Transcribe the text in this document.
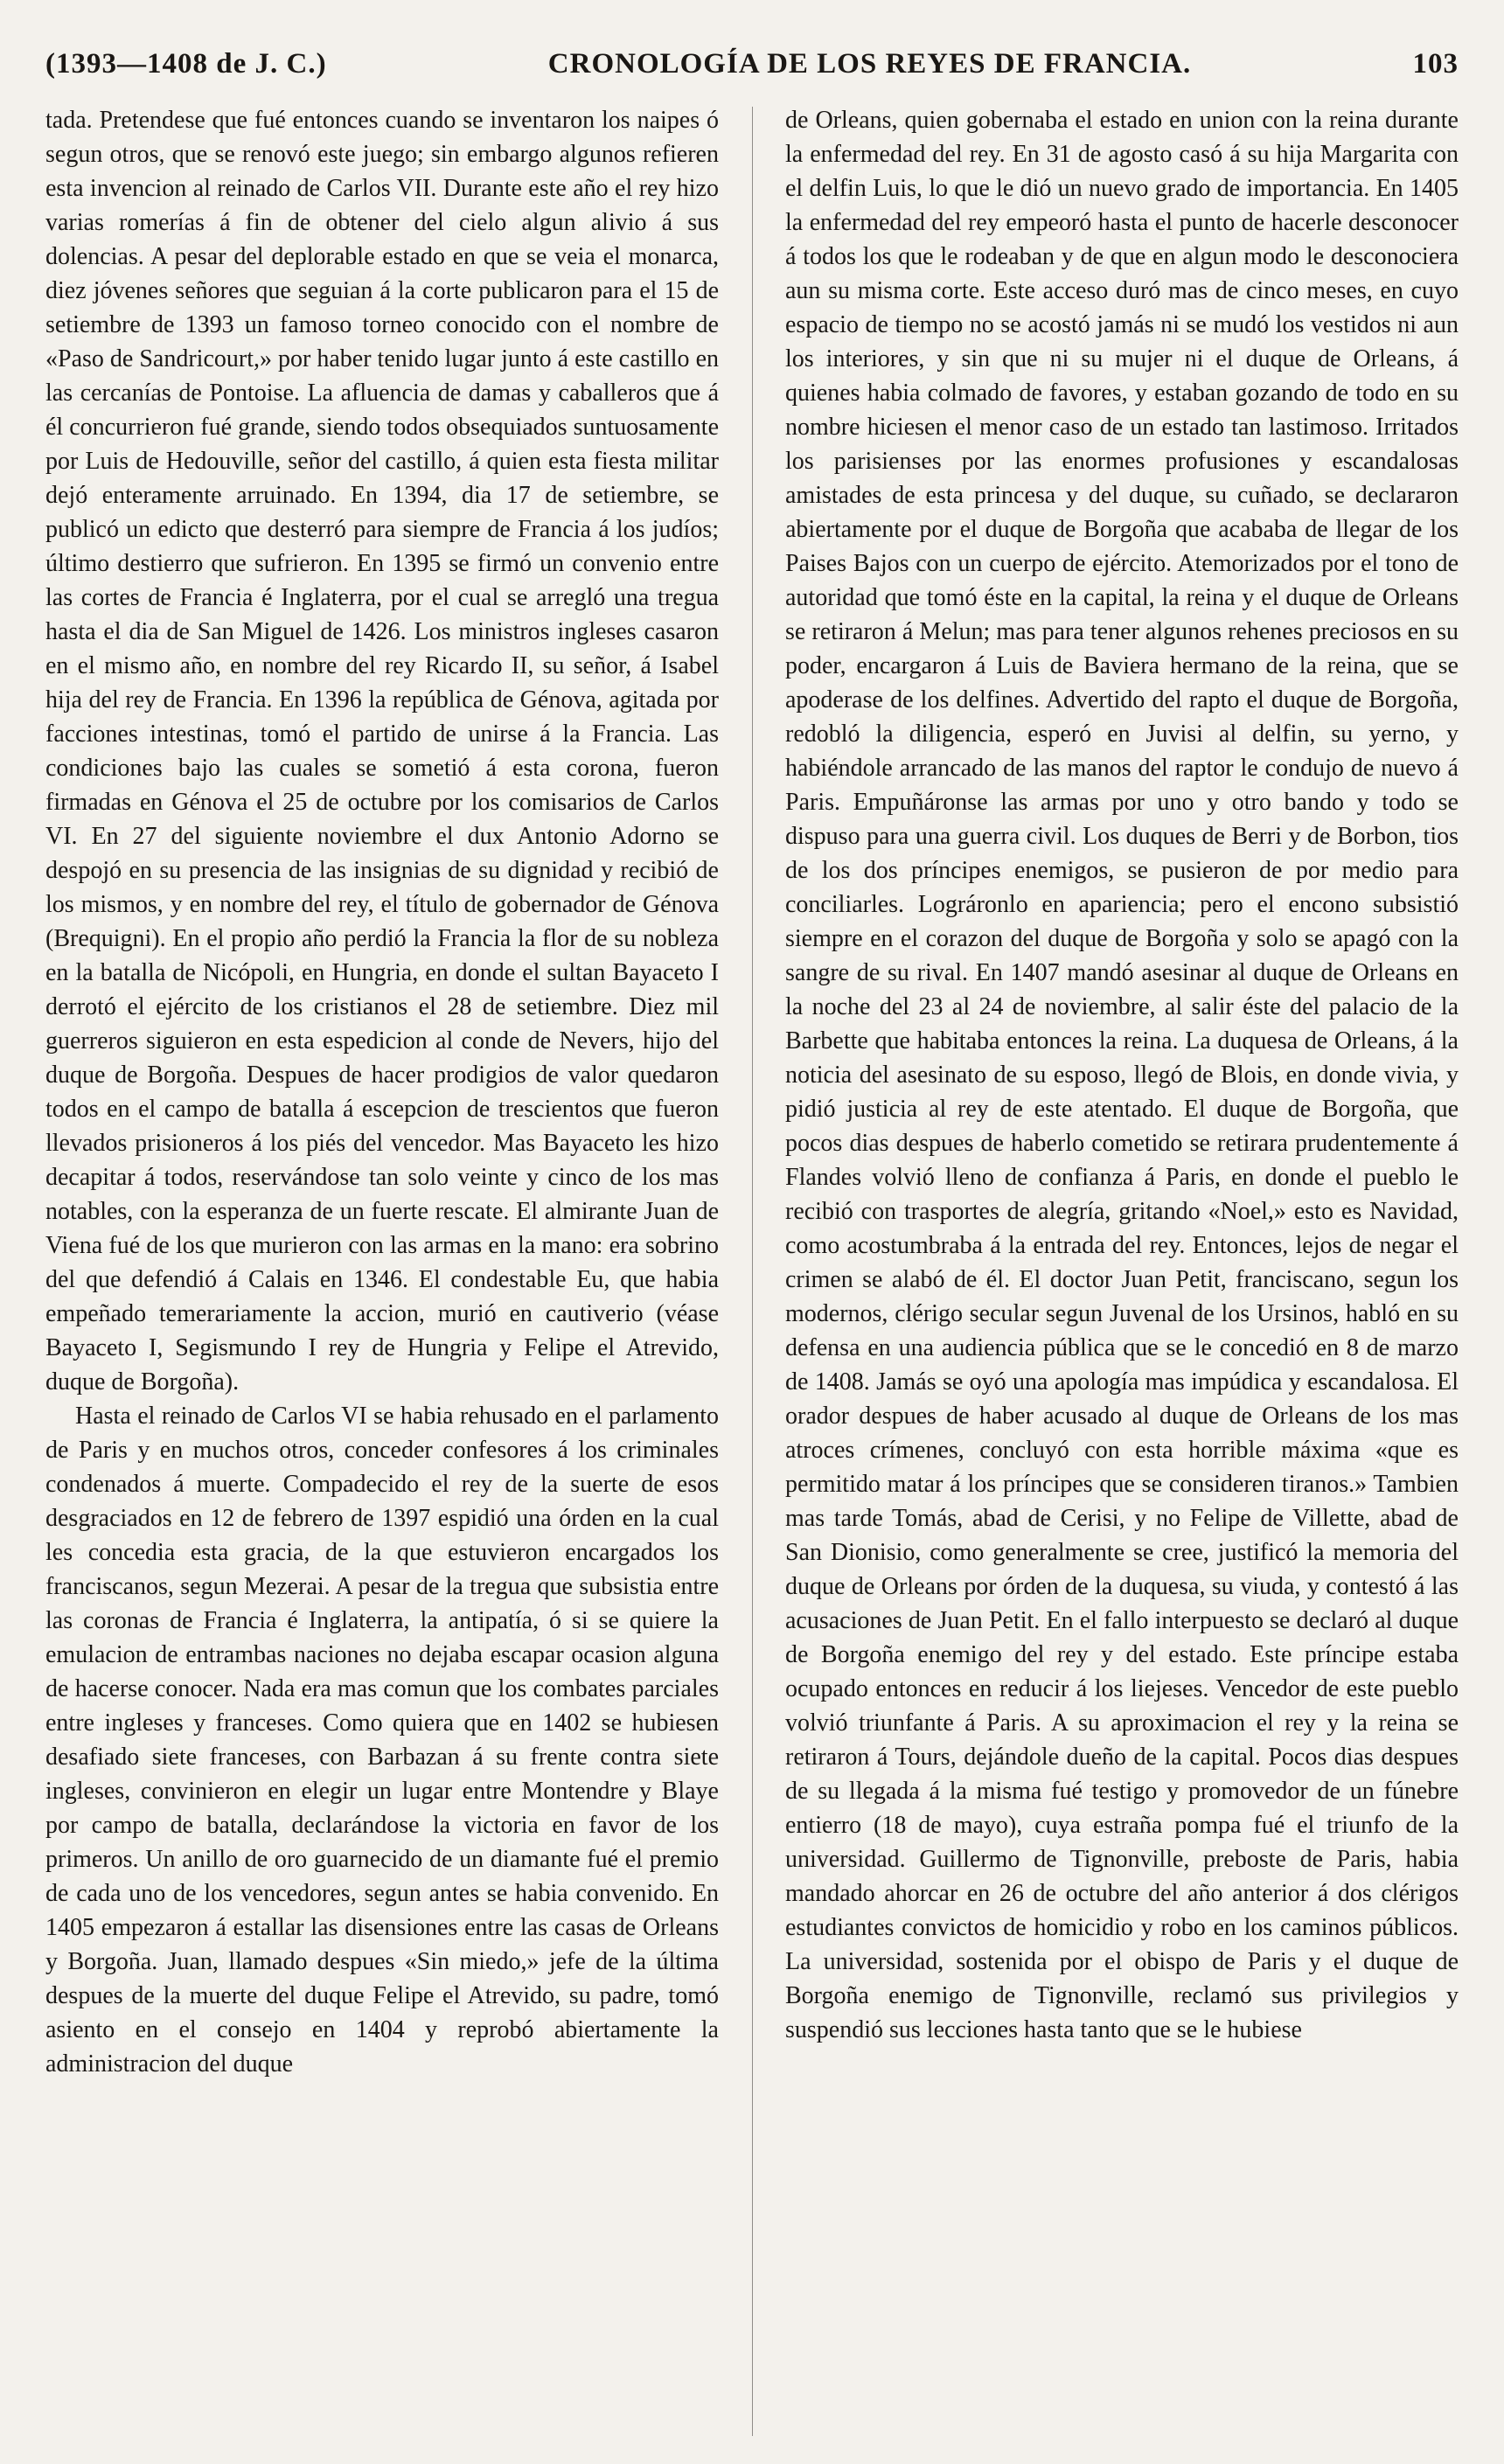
(1393—1408 de J. C.)	CRONOLOGÍA DE LOS REYES DE FRANCIA.	103

tada. Pretendese que fué entonces cuando se inventaron los naipes ó segun otros, que se renovó este juego; sin embargo algunos refieren esta invencion al reinado de Carlos VII. Durante este año el rey hizo varias romerías á fin de obtener del cielo algun alivio á sus dolencias. A pesar del deplorable estado en que se veia el monarca, diez jóvenes señores que seguian á la corte publicaron para el 15 de setiembre de 1393 un famoso torneo conocido con el nombre de «Paso de Sandricourt,» por haber tenido lugar junto á este castillo en las cercanías de Pontoise. La afluencia de damas y caballeros que á él concurrieron fué grande, siendo todos obsequiados suntuosamente por Luis de Hedouville, señor del castillo, á quien esta fiesta militar dejó enteramente arruinado. En 1394, dia 17 de setiembre, se publicó un edicto que desterró para siempre de Francia á los judíos; último destierro que sufrieron. En 1395 se firmó un convenio entre las cortes de Francia é Inglaterra, por el cual se arregló una tregua hasta el dia de San Miguel de 1426. Los ministros ingleses casaron en el mismo año, en nombre del rey Ricardo II, su señor, á Isabel hija del rey de Francia. En 1396 la república de Génova, agitada por facciones intestinas, tomó el partido de unirse á la Francia. Las condiciones bajo las cuales se sometió á esta corona, fueron firmadas en Génova el 25 de octubre por los comisarios de Carlos VI. En 27 del siguiente noviembre el dux Antonio Adorno se despojó en su presencia de las insignias de su dignidad y recibió de los mismos, y en nombre del rey, el título de gobernador de Génova (Brequigni). En el propio año perdió la Francia la flor de su nobleza en la batalla de Nicópoli, en Hungria, en donde el sultan Bayaceto I derrotó el ejército de los cristianos el 28 de setiembre. Diez mil guerreros siguieron en esta espedicion al conde de Nevers, hijo del duque de Borgoña. Despues de hacer prodigios de valor quedaron todos en el campo de batalla á escepcion de trescientos que fueron llevados prisioneros á los piés del vencedor. Mas Bayaceto les hizo decapitar á todos, reservándose tan solo veinte y cinco de los mas notables, con la esperanza de un fuerte rescate. El almirante Juan de Viena fué de los que murieron con las armas en la mano: era sobrino del que defendió á Calais en 1346. El condestable Eu, que habia empeñado temerariamente la accion, murió en cautiverio (véase Bayaceto I, Segismundo I rey de Hungria y Felipe el Atrevido, duque de Borgoña).

Hasta el reinado de Carlos VI se habia rehusado en el parlamento de Paris y en muchos otros, conceder confesores á los criminales condenados á muerte. Compadecido el rey de la suerte de esos desgraciados en 12 de febrero de 1397 espidió una órden en la cual les concedia esta gracia, de la que estuvieron encargados los franciscanos, segun Mezerai. A pesar de la tregua que subsistia entre las coronas de Francia é Inglaterra, la antipatía, ó si se quiere la emulacion de entrambas naciones no dejaba escapar ocasion alguna de hacerse conocer. Nada era mas comun que los combates parciales entre ingleses y franceses. Como quiera que en 1402 se hubiesen desafiado siete franceses, con Barbazan á su frente contra siete ingleses, convinieron en elegir un lugar entre Montendre y Blaye por campo de batalla, declarándose la victoria en favor de los primeros. Un anillo de oro guarnecido de un diamante fué el premio de cada uno de los vencedores, segun antes se habia convenido. En 1405 empezaron á estallar las disensiones entre las casas de Orleans y Borgoña. Juan, llamado despues «Sin miedo,» jefe de la última despues de la muerte del duque Felipe el Atrevido, su padre, tomó asiento en el consejo en 1404 y reprobó abiertamente la administracion del duque

de Orleans, quien gobernaba el estado en union con la reina durante la enfermedad del rey. En 31 de agosto casó á su hija Margarita con el delfin Luis, lo que le dió un nuevo grado de importancia. En 1405 la enfermedad del rey empeoró hasta el punto de hacerle desconocer á todos los que le rodeaban y de que en algun modo le desconociera aun su misma corte. Este acceso duró mas de cinco meses, en cuyo espacio de tiempo no se acostó jamás ni se mudó los vestidos ni aun los interiores, y sin que ni su mujer ni el duque de Orleans, á quienes habia colmado de favores, y estaban gozando de todo en su nombre hiciesen el menor caso de un estado tan lastimoso. Irritados los parisienses por las enormes profusiones y escandalosas amistades de esta princesa y del duque, su cuñado, se declararon abiertamente por el duque de Borgoña que acababa de llegar de los Paises Bajos con un cuerpo de ejército. Atemorizados por el tono de autoridad que tomó éste en la capital, la reina y el duque de Orleans se retiraron á Melun; mas para tener algunos rehenes preciosos en su poder, encargaron á Luis de Baviera hermano de la reina, que se apoderase de los delfines. Advertido del rapto el duque de Borgoña, redobló la diligencia, esperó en Juvisi al delfin, su yerno, y habiéndole arrancado de las manos del raptor le condujo de nuevo á Paris. Empuñáronse las armas por uno y otro bando y todo se dispuso para una guerra civil. Los duques de Berri y de Borbon, tios de los dos príncipes enemigos, se pusieron de por medio para conciliarles. Lográronlo en apariencia; pero el encono subsistió siempre en el corazon del duque de Borgoña y solo se apagó con la sangre de su rival. En 1407 mandó asesinar al duque de Orleans en la noche del 23 al 24 de noviembre, al salir éste del palacio de la Barbette que habitaba entonces la reina. La duquesa de Orleans, á la noticia del asesinato de su esposo, llegó de Blois, en donde vivia, y pidió justicia al rey de este atentado. El duque de Borgoña, que pocos dias despues de haberlo cometido se retirara prudentemente á Flandes volvió lleno de confianza á Paris, en donde el pueblo le recibió con trasportes de alegría, gritando «Noel,» esto es Navidad, como acostumbraba á la entrada del rey. Entonces, lejos de negar el crimen se alabó de él. El doctor Juan Petit, franciscano, segun los modernos, clérigo secular segun Juvenal de los Ursinos, habló en su defensa en una audiencia pública que se le concedió en 8 de marzo de 1408. Jamás se oyó una apología mas impúdica y escandalosa. El orador despues de haber acusado al duque de Orleans de los mas atroces crímenes, concluyó con esta horrible máxima «que es permitido matar á los príncipes que se consideren tiranos.» Tambien mas tarde Tomás, abad de Cerisi, y no Felipe de Villette, abad de San Dionisio, como generalmente se cree, justificó la memoria del duque de Orleans por órden de la duquesa, su viuda, y contestó á las acusaciones de Juan Petit. En el fallo interpuesto se declaró al duque de Borgoña enemigo del rey y del estado. Este príncipe estaba ocupado entonces en reducir á los liejeses. Vencedor de este pueblo volvió triunfante á Paris. A su aproximacion el rey y la reina se retiraron á Tours, dejándole dueño de la capital. Pocos dias despues de su llegada á la misma fué testigo y promovedor de un fúnebre entierro (18 de mayo), cuya estraña pompa fué el triunfo de la universidad. Guillermo de Tignonville, preboste de Paris, habia mandado ahorcar en 26 de octubre del año anterior á dos clérigos estudiantes convictos de homicidio y robo en los caminos públicos. La universidad, sostenida por el obispo de Paris y el duque de Borgoña enemigo de Tignonville, reclamó sus privilegios y suspendió sus lecciones hasta tanto que se le hubiese
